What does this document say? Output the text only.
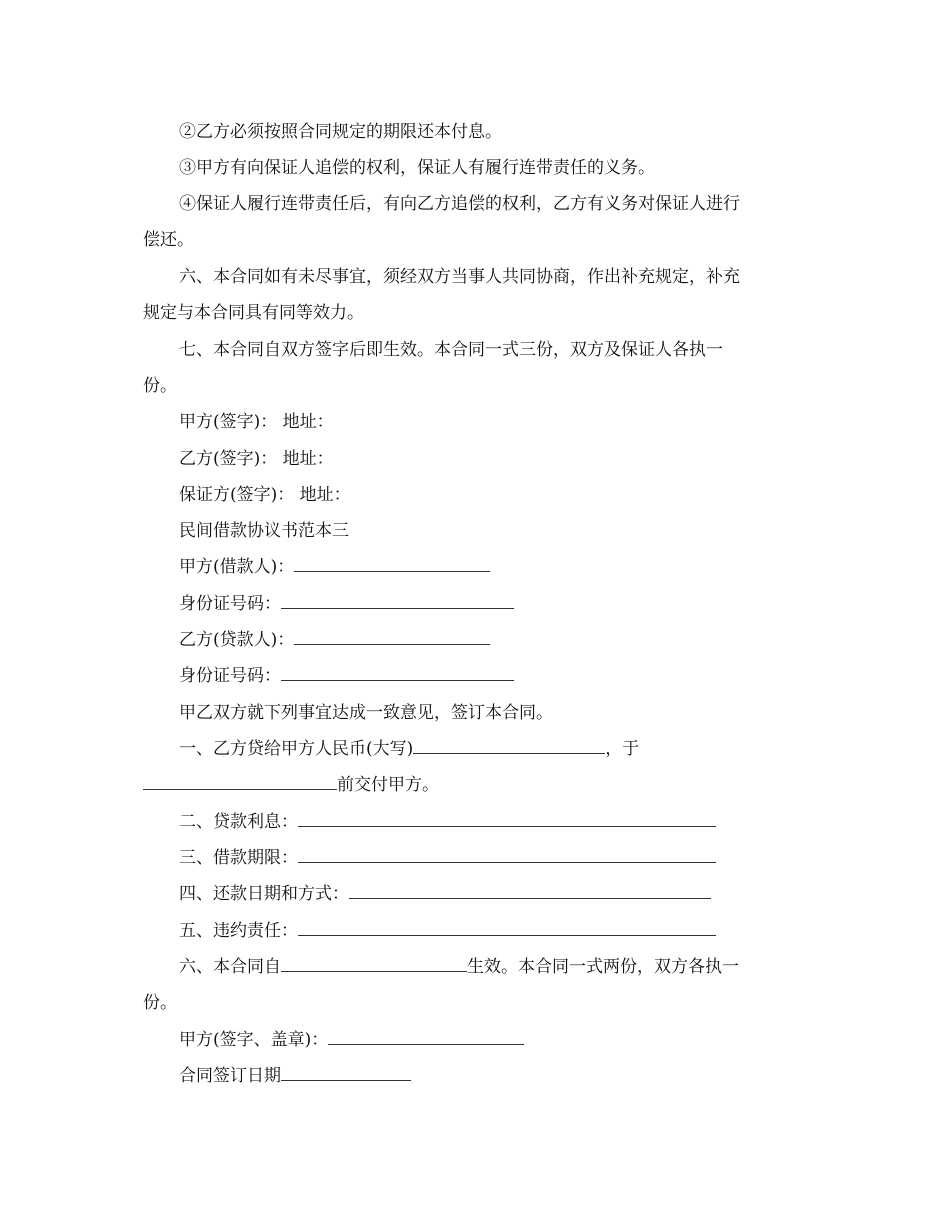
②乙方必须按照合同规定的期限还本付息。
③甲方有向保证人追偿的权利，保证人有履行连带责任的义务。
④保证人履行连带责任后，有向乙方追偿的权利，乙方有义务对保证人进行
偿还。
六、本合同如有未尽事宜，须经双方当事人共同协商，作出补充规定，补充
规定与本合同具有同等效力。
七、本合同自双方签字后即生效。本合同一式三份，双方及保证人各执一
份。
甲方(签字)： 地址：
乙方(签字)： 地址：
保证方(签字)： 地址：
民间借款协议书范本三
甲方(借款人)：
身份证号码：
乙方(贷款人)：
身份证号码：
甲乙双方就下列事宜达成一致意见，签订本合同。
一、乙方贷给甲方人民币(大写)	，于
前交付甲方。
二、贷款利息：
三、借款期限：
四、还款日期和方式：
五、违约责任：
六、本合同自	生效。本合同一式两份，双方各执一
份。
甲方(签字、盖章)：
合同签订日期
